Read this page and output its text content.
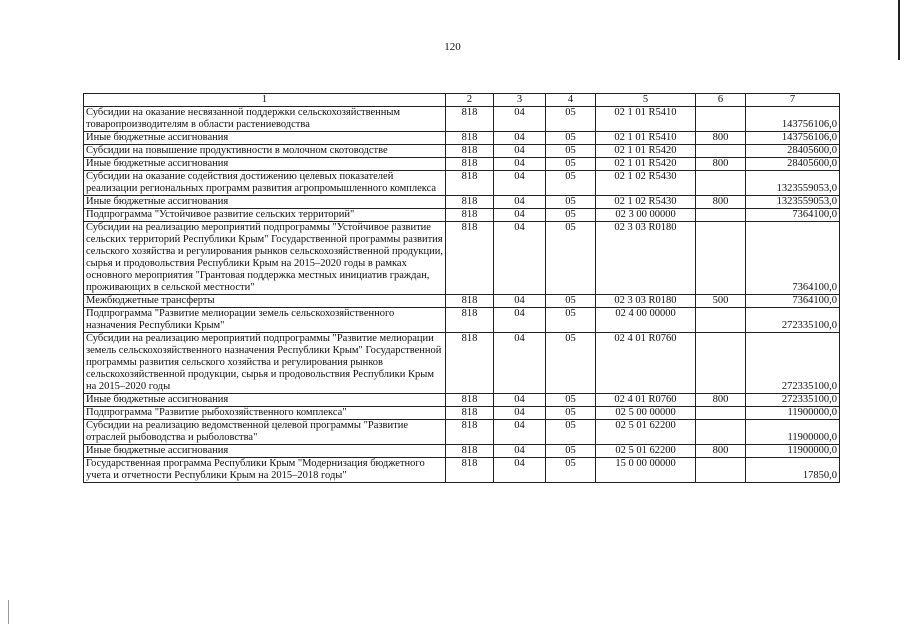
120
1	2	3	4	5	6	7
Субсидии на оказание несвязанной поддержки сельскохозяйственным товаропроизводителям в области растениеводства	818	04	05	02 1 01 R5410		143756106,0
Иные бюджетные ассигнования	818	04	05	02 1 01 R5410	800	143756106,0
Субсидии на повышение продуктивности в молочном скотоводстве	818	04	05	02 1 01 R5420		28405600,0
Иные бюджетные ассигнования	818	04	05	02 1 01 R5420	800	28405600,0
Субсидии на оказание содействия достижению целевых показателей реализации региональных программ развития агропромышленного комплекса	818	04	05	02 1 02 R5430		1323559053,0
Иные бюджетные ассигнования	818	04	05	02 1 02 R5430	800	1323559053,0
Подпрограмма "Устойчивое развитие сельских территорий"	818	04	05	02 3 00 00000		7364100,0
Субсидии на реализацию мероприятий подпрограммы "Устойчивое развитие сельских территорий Республики Крым" Государственной программы развития сельского хозяйства и регулирования рынков сельскохозяйственной продукции, сырья и продовольствия Республики Крым на 2015–2020 годы в рамках основного мероприятия "Грантовая поддержка местных инициатив граждан, проживающих в сельской местности"	818	04	05	02 3 03 R0180		7364100,0
Межбюджетные трансферты	818	04	05	02 3 03 R0180	500	7364100,0
Подпрограмма "Развитие мелиорации земель сельскохозяйственного назначения Республики Крым"	818	04	05	02 4 00 00000		272335100,0
Субсидии на реализацию мероприятий подпрограммы "Развитие мелиорации земель сельскохозяйственного назначения Республики Крым" Государственной программы развития сельского хозяйства и регулирования рынков сельскохозяйственной продукции, сырья и продовольствия Республики Крым на 2015–2020 годы	818	04	05	02 4 01 R0760		272335100,0
Иные бюджетные ассигнования	818	04	05	02 4 01 R0760	800	272335100,0
Подпрограмма "Развитие рыбохозяйственного комплекса"	818	04	05	02 5 00 00000		11900000,0
Субсидии на реализацию ведомственной целевой программы "Развитие отраслей рыбоводства и рыболовства"	818	04	05	02 5 01 62200		11900000,0
Иные бюджетные ассигнования	818	04	05	02 5 01 62200	800	11900000,0
Государственная программа Республики Крым "Модернизация бюджетного учета и отчетности Республики Крым на 2015–2018 годы"	818	04	05	15 0 00 00000		17850,0
